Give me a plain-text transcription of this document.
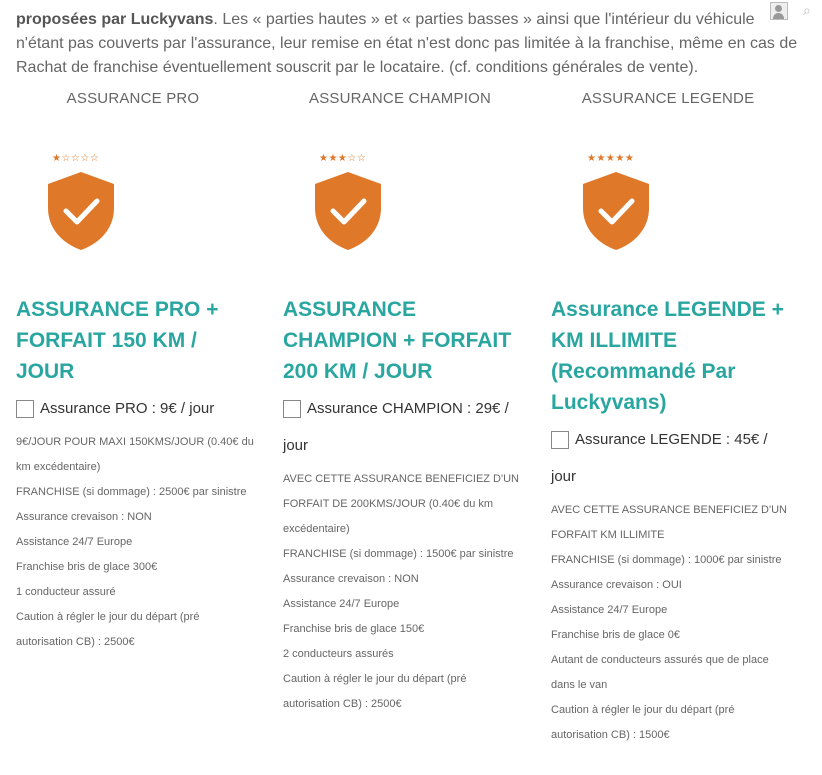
proposées par Luckyvans. Les « parties hautes » et « parties basses » ainsi que l'intérieur du véhicule n'étant pas couverts par l'assurance, leur remise en état n'est donc pas limitée à la franchise, même en cas de Rachat de franchise éventuellement souscrit par le locataire. (cf. conditions générales de vente).

⌕
ASSURANCE PRO
★☆☆☆☆
ASSURANCE PRO + FORFAIT 150 KM / JOUR
Assurance PRO : 9€ / jour
9€/JOUR POUR MAXI 150KMS/JOUR (0.40€ du km excédentaire)
FRANCHISE (si dommage) : 2500€ par sinistre
Assurance crevaison : NON
Assistance 24/7 Europe
Franchise bris de glace 300€
1 conducteur assuré
Caution à régler le jour du départ (pré autorisation CB) : 2500€
ASSURANCE CHAMPION
★★★☆☆
ASSURANCE CHAMPION + FORFAIT 200 KM / JOUR
Assurance CHAMPION : 29€ / jour
AVEC CETTE ASSURANCE BENEFICIEZ D'UN FORFAIT DE 200KMS/JOUR (0.40€ du km excédentaire)
FRANCHISE (si dommage) : 1500€ par sinistre
Assurance crevaison : NON
Assistance 24/7 Europe
Franchise bris de glace 150€
2 conducteurs assurés
Caution à régler le jour du départ (pré autorisation CB) : 2500€
ASSURANCE LEGENDE
★★★★★
Assurance LEGENDE + KM ILLIMITE (Recommandé Par Luckyvans)
Assurance LEGENDE : 45€ / jour
AVEC CETTE ASSURANCE BENEFICIEZ D'UN FORFAIT KM ILLIMITE
FRANCHISE (si dommage) : 1000€ par sinistre
Assurance crevaison : OUI
Assistance 24/7 Europe
Franchise bris de glace 0€
Autant de conducteurs assurés que de place dans le van
Caution à régler le jour du départ (pré autorisation CB) : 1500€
